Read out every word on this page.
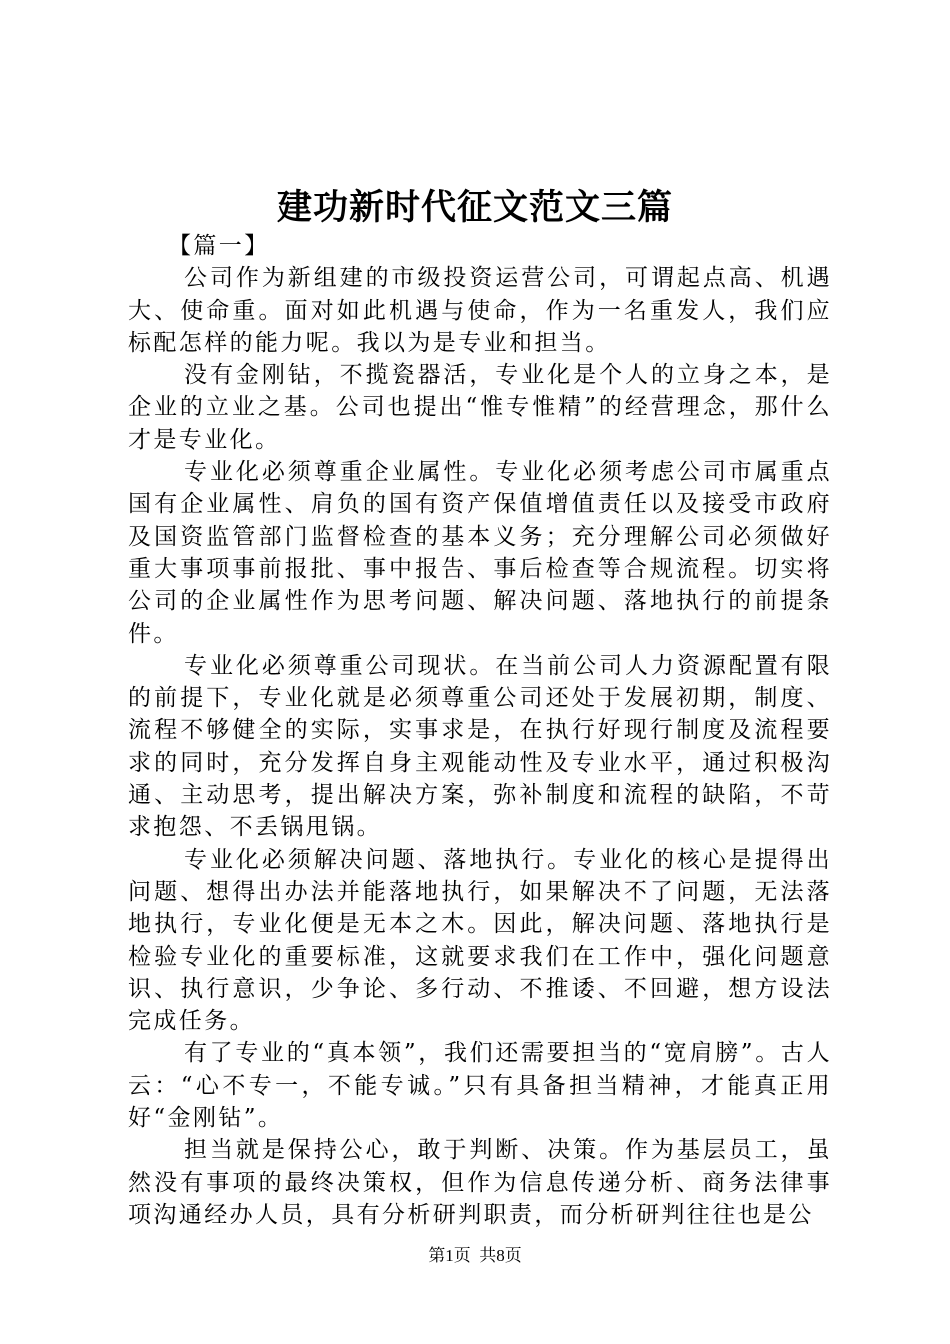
建功新时代征文范文三篇

【篇一】

公司作为新组建的市级投资运营公司，可谓起点高、机遇大、使命重。面对如此机遇与使命，作为一名重发人，我们应标配怎样的能力呢。我以为是专业和担当。

没有金刚钻，不揽瓷器活，专业化是个人的立身之本，是企业的立业之基。公司也提出“惟专惟精”的经营理念，那什么才是专业化。

专业化必须尊重企业属性。专业化必须考虑公司市属重点国有企业属性、肩负的国有资产保值增值责任以及接受市政府及国资监管部门监督检查的基本义务；充分理解公司必须做好重大事项事前报批、事中报告、事后检查等合规流程。切实将公司的企业属性作为思考问题、解决问题、落地执行的前提条件。

专业化必须尊重公司现状。在当前公司人力资源配置有限的前提下，专业化就是必须尊重公司还处于发展初期，制度、流程不够健全的实际，实事求是，在执行好现行制度及流程要求的同时，充分发挥自身主观能动性及专业水平，通过积极沟通、主动思考，提出解决方案，弥补制度和流程的缺陷，不苛求抱怨、不丢锅甩锅。

专业化必须解决问题、落地执行。专业化的核心是提得出问题、想得出办法并能落地执行，如果解决不了问题，无法落地执行，专业化便是无本之木。因此，解决问题、落地执行是检验专业化的重要标准，这就要求我们在工作中，强化问题意识、执行意识，少争论、多行动、不推诿、不回避，想方设法完成任务。

有了专业的“真本领”，我们还需要担当的“宽肩膀”。古人云：“心不专一，不能专诚。”只有具备担当精神，才能真正用好“金刚钻”。

担当就是保持公心，敢于判断、决策。作为基层员工，虽然没有事项的最终决策权，但作为信息传递分析、商务法律事项沟通经办人员，具有分析研判职责，而分析研判往往也是公

第1页  共8页
